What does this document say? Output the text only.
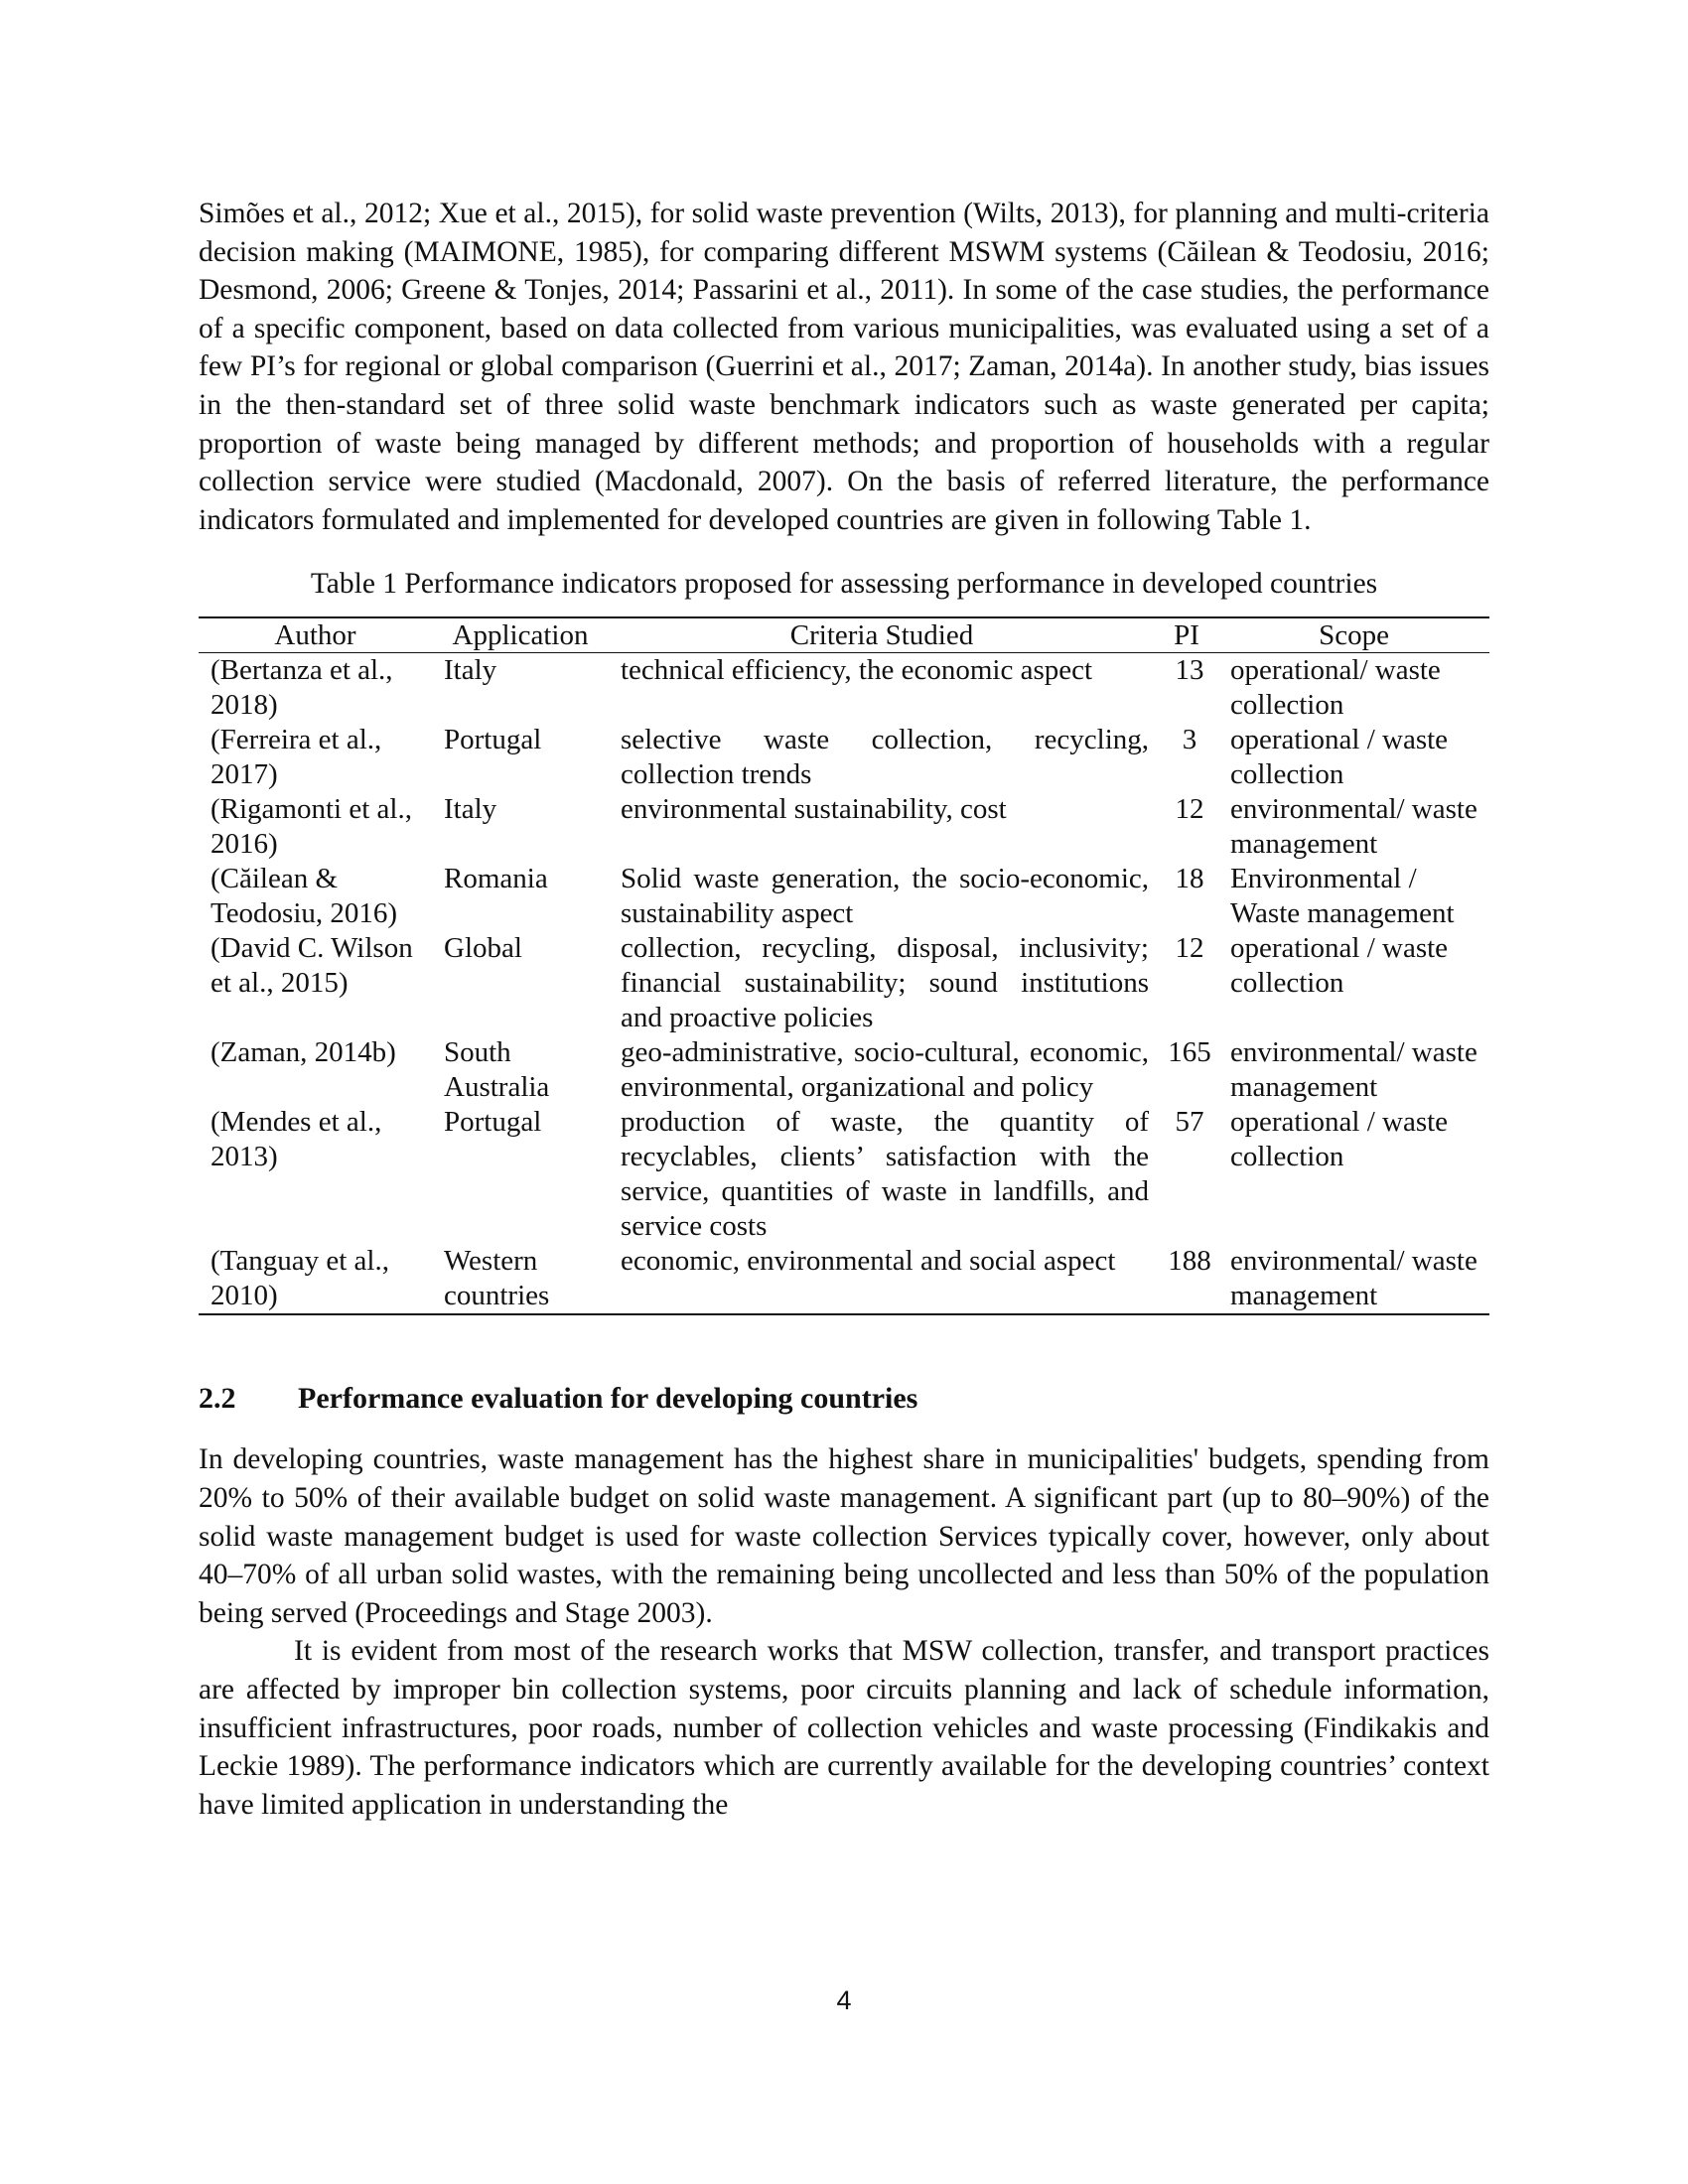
Simões et al., 2012; Xue et al., 2015), for solid waste prevention (Wilts, 2013), for planning and multi-criteria decision making (MAIMONE, 1985), for comparing different MSWM systems (Căilean & Teodosiu, 2016; Desmond, 2006; Greene & Tonjes, 2014; Passarini et al., 2011). In some of the case studies, the performance of a specific component, based on data collected from various municipalities, was evaluated using a set of a few PI’s for regional or global comparison (Guerrini et al., 2017; Zaman, 2014a). In another study, bias issues in the then-standard set of three solid waste benchmark indicators such as waste generated per capita; proportion of waste being managed by different methods; and proportion of households with a regular collection service were studied (Macdonald, 2007). On the basis of referred literature, the performance indicators formulated and implemented for developed countries are given in following Table 1.

Table 1 Performance indicators proposed for assessing performance in developed countries
Author	Application	Criteria Studied	PI	Scope
(Bertanza et al., 2018)	Italy	technical efficiency, the economic aspect	13	operational/ waste collection
(Ferreira et al., 2017)	Portugal	selective waste collection, recycling, collection trends	3	operational / waste collection
(Rigamonti et al., 2016)	Italy	environmental sustainability, cost	12	environmental/ waste management
(Căilean & Teodosiu, 2016)	Romania	Solid waste generation, the socio-economic, sustainability aspect	18	Environmental / Waste management
(David C. Wilson et al., 2015)	Global	collection, recycling, disposal, inclusivity; financial sustainability; sound institutions and proactive policies	12	operational / waste collection
(Zaman, 2014b)	South Australia	geo-administrative, socio-cultural, economic, environmental, organizational and policy	165	environmental/ waste management
(Mendes et al., 2013)	Portugal	production of waste, the quantity of recyclables, clients’ satisfaction with the service, quantities of waste in landfills, and service costs	57	operational / waste collection
(Tanguay et al., 2010)	Western countries	economic, environmental and social aspect	188	environmental/ waste management
2.2 Performance evaluation for developing countries

In developing countries, waste management has the highest share in municipalities' budgets, spending from 20% to 50% of their available budget on solid waste management. A significant part (up to 80–90%) of the solid waste management budget is used for waste collection Services typically cover, however, only about 40–70% of all urban solid wastes, with the remaining being uncollected and less than 50% of the population being served (Proceedings and Stage 2003).

It is evident from most of the research works that MSW collection, transfer, and transport practices are affected by improper bin collection systems, poor circuits planning and lack of schedule information, insufficient infrastructures, poor roads, number of collection vehicles and waste processing (Findikakis and Leckie 1989). The performance indicators which are currently available for the developing countries’ context have limited application in understanding the

4
